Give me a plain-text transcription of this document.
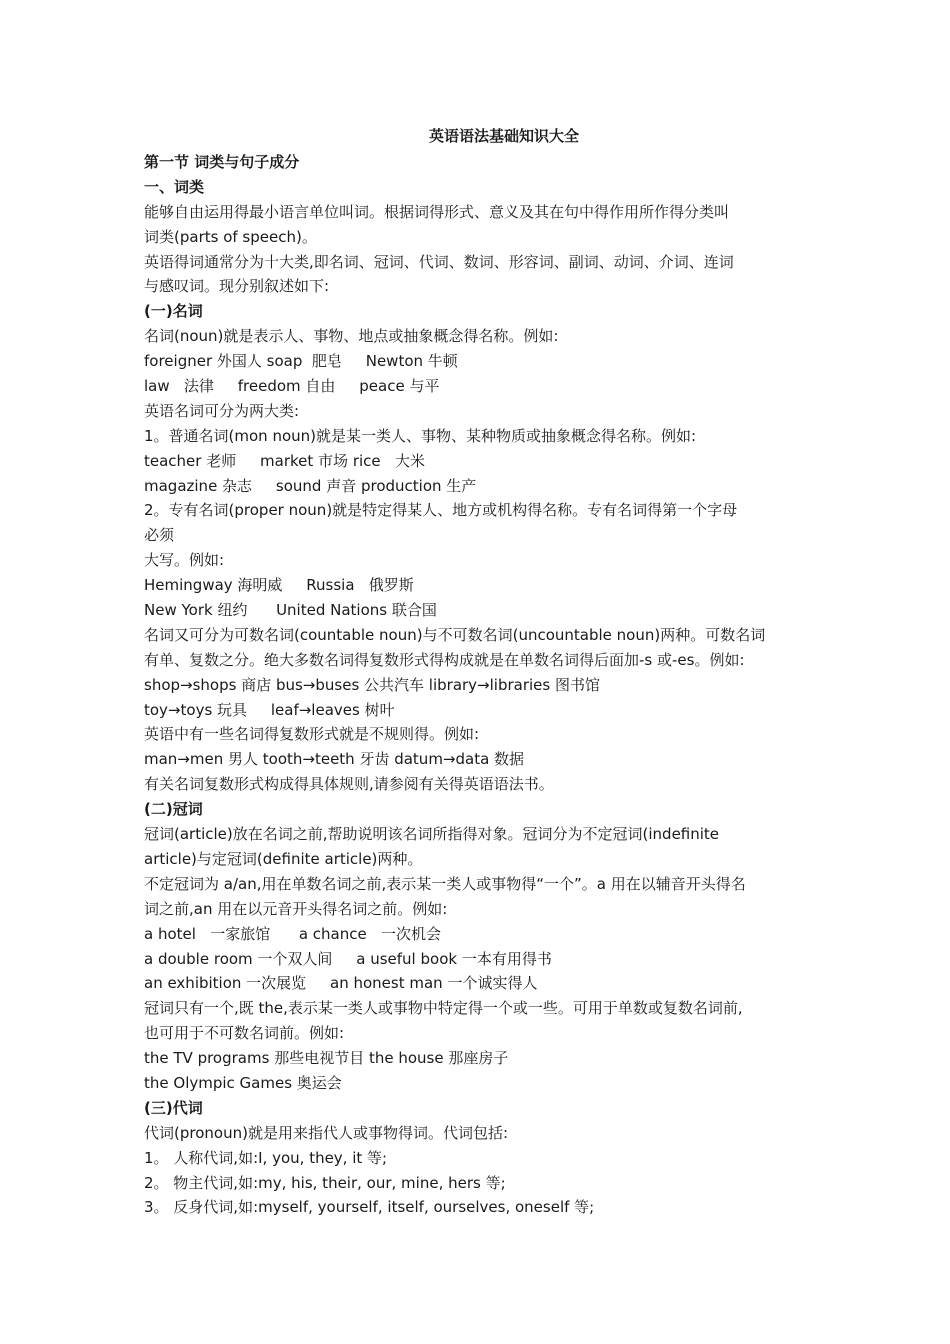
英语语法基础知识大全
第一节 词类与句子成分
一、词类
能够自由运用得最小语言单位叫词。根据词得形式、意义及其在句中得作用所作得分类叫
词类(parts of speech)。
英语得词通常分为十大类,即名词、冠词、代词、数词、形容词、副词、动词、介词、连词
与感叹词。现分别叙述如下:
(一)名词
名词(noun)就是表示人、事物、地点或抽象概念得名称。例如:
foreigner 外国人 soap  肥皂     Newton 牛顿
law   法律     freedom 自由     peace 与平
英语名词可分为两大类:
1。普通名词(mon noun)就是某一类人、事物、某种物质或抽象概念得名称。例如:
teacher 老师     market 市场 rice   大米
magazine 杂志     sound 声音 production 生产
2。专有名词(proper noun)就是特定得某人、地方或机构得名称。专有名词得第一个字母
必须
大写。例如:
Hemingway 海明威     Russia   俄罗斯
New York 纽约      United Nations 联合国
名词又可分为可数名词(countable noun)与不可数名词(uncountable noun)两种。可数名词
有单、复数之分。绝大多数名词得复数形式得构成就是在单数名词得后面加-s 或-es。例如:
shop→shops 商店 bus→buses 公共汽车 library→libraries 图书馆
toy→toys 玩具     leaf→leaves 树叶
英语中有一些名词得复数形式就是不规则得。例如:
man→men 男人 tooth→teeth 牙齿 datum→data 数据
有关名词复数形式构成得具体规则,请参阅有关得英语语法书。
(二)冠词
冠词(article)放在名词之前,帮助说明该名词所指得对象。冠词分为不定冠词(indefinite
article)与定冠词(definite article)两种。
不定冠词为 a/an,用在单数名词之前,表示某一类人或事物得“一个”。a 用在以辅音开头得名
词之前,an 用在以元音开头得名词之前。例如:
a hotel   一家旅馆      a chance   一次机会
a double room 一个双人间     a useful book 一本有用得书
an exhibition 一次展览     an honest man 一个诚实得人
冠词只有一个,既 the,表示某一类人或事物中特定得一个或一些。可用于单数或复数名词前,
也可用于不可数名词前。例如:
the TV programs 那些电视节目 the house 那座房子
the Olympic Games 奥运会
(三)代词
代词(pronoun)就是用来指代人或事物得词。代词包括:
1。 人称代词,如:I, you, they, it 等;
2。 物主代词,如:my, his, their, our, mine, hers 等;
3。 反身代词,如:myself, yourself, itself, ourselves, oneself 等;
